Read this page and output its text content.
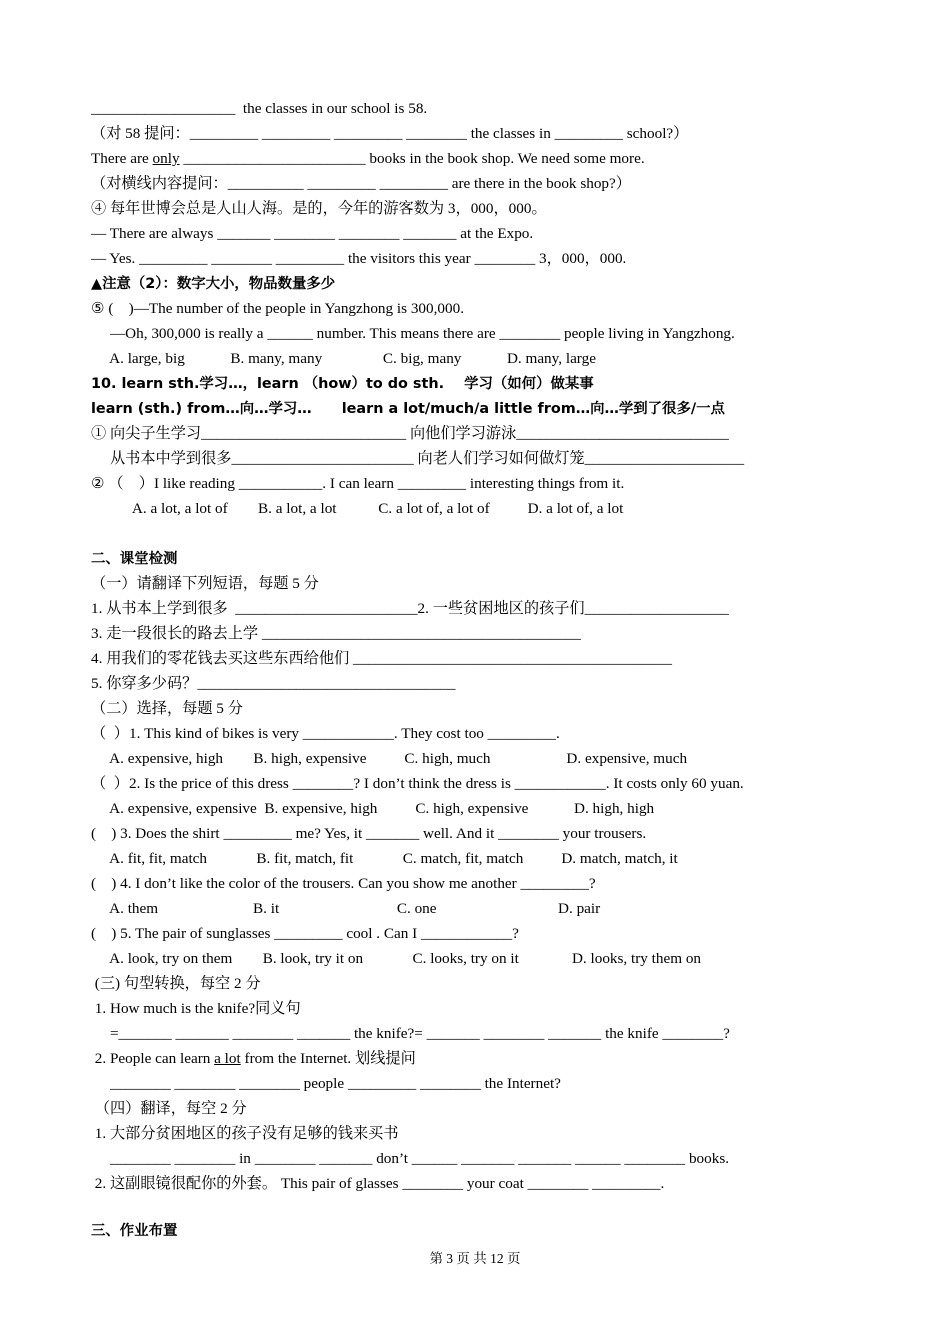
___________________  the classes in our school is 58.
（对 58 提问：_________ _________ _________ ________ the classes in _________ school?）
There are only ________________________ books in the book shop. We need some more.
（对横线内容提问：__________ _________ _________ are there in the book shop?）
④ 每年世博会总是人山人海。是的，今年的游客数为 3，000，000。
— There are always _______ ________ ________ _______ at the Expo.
— Yes. _________ ________ _________ the visitors this year ________ 3，000，000.
▲注意（2）：数字大小，物品数量多少
⑤ (    )—The number of the people in Yangzhong is 300,000.
—Oh, 300,000 is really a ______ number. This means there are ________ people living in Yangzhong.
A. large, big            B. many, many                C. big, many            D. many, large
10. learn sth.学习…，learn （how）to do sth.    学习（如何）做某事
learn (sth.) from…向…学习…      learn a lot/much/a little from…向…学到了很多/一点
① 向尖子生学习___________________________ 向他们学习游泳____________________________
从书本中学到很多________________________ 向老人们学习如何做灯笼_____________________
② （    ）I like reading ___________. I can learn _________ interesting things from it.
A. a lot, a lot of        B. a lot, a lot           C. a lot of, a lot of          D. a lot of, a lot
二、课堂检测
（一）请翻译下列短语，每题 5 分
1. 从书本上学到很多  ________________________2. 一些贫困地区的孩子们___________________
3. 走一段很长的路去上学 __________________________________________
4. 用我们的零花钱去买这些东西给他们 __________________________________________
5. 你穿多少码？__________________________________
（二）选择，每题 5 分
（  ）1. This kind of bikes is very ____________. They cost too _________.
A. expensive, high        B. high, expensive          C. high, much                    D. expensive, much
（  ）2. Is the price of this dress ________? I don’t think the dress is ____________. It costs only 60 yuan.
A. expensive, expensive  B. expensive, high          C. high, expensive            D. high, high
(    ) 3. Does the shirt _________ me? Yes, it _______ well. And it ________ your trousers.
A. fit, fit, match             B. fit, match, fit             C. match, fit, match          D. match, match, it
(    ) 4. I don’t like the color of the trousers. Can you show me another _________?
A. them                         B. it                               C. one                                D. pair
(    ) 5. The pair of sunglasses _________ cool . Can I ____________?
A. look, try on them        B. look, try it on             C. looks, try on it              D. looks, try them on
(三) 句型转换，每空 2 分
1. How much is the knife?同义句
=_______ _______ ________ _______ the knife?= _______ ________ _______ the knife ________?
2. People can learn a lot from the Internet. 划线提问
________ ________ ________ people _________ ________ the Internet?
（四）翻译，每空 2 分
1. 大部分贫困地区的孩子没有足够的钱来买书
________ ________ in ________ _______ don’t ______ _______ _______ ______ ________ books.
2. 这副眼镜很配你的外套。 This pair of glasses ________ your coat ________ _________.
三、作业布置
第 3 页 共 12 页
